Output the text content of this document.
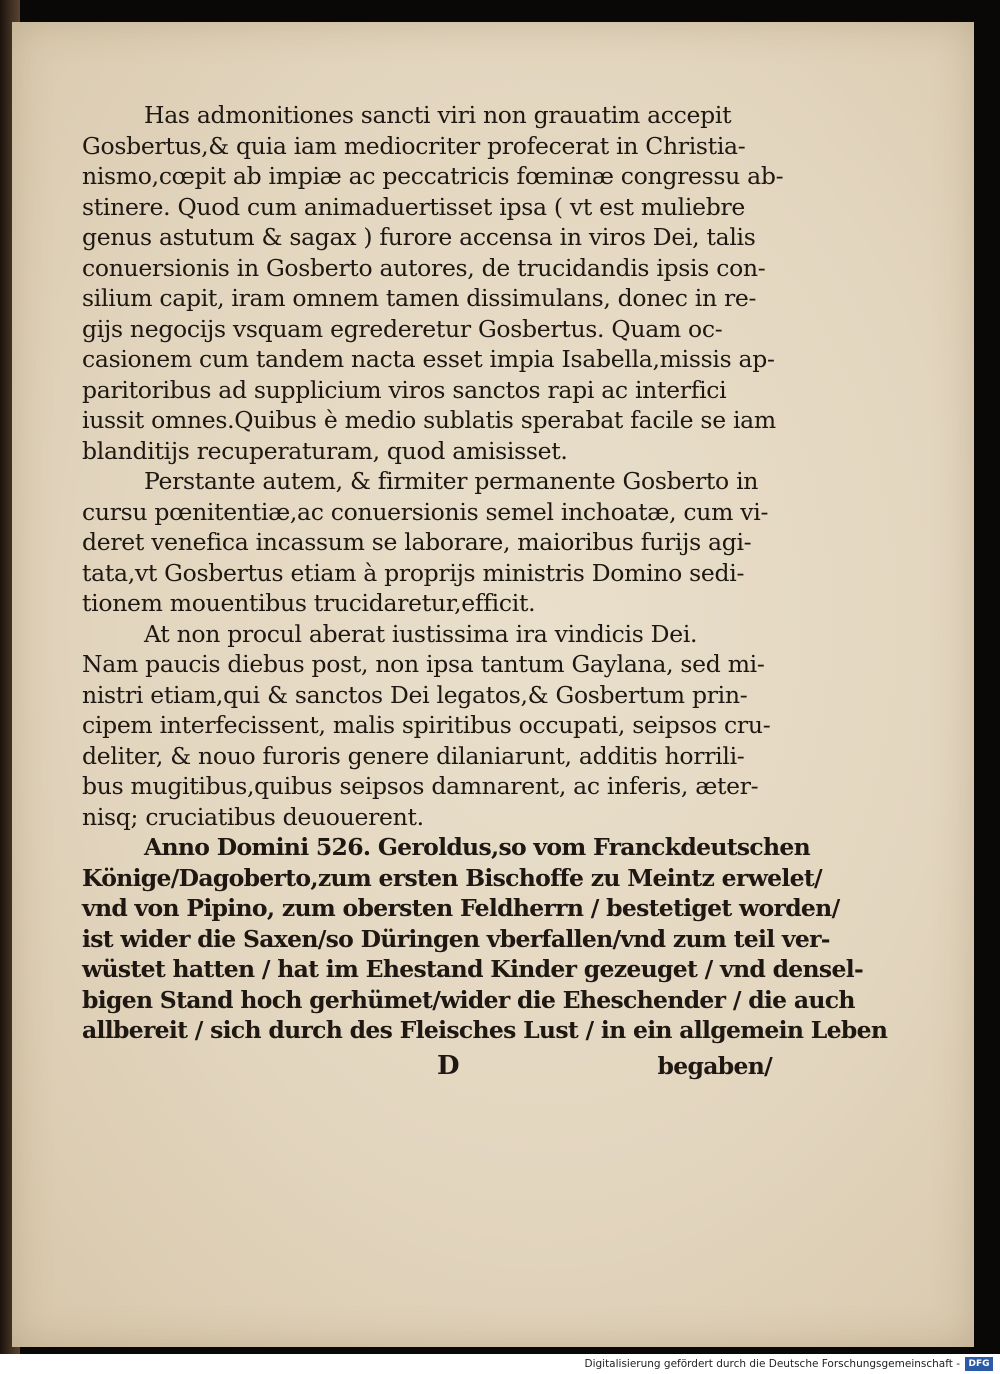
Has admonitiones sancti viri non grauatim accepit
Gosbertus,& quia iam mediocriter profecerat in Christia-
nismo,cœpit ab impiæ ac peccatricis fœminæ congressu ab-
stinere. Quod cum animaduertisset ipsa ( vt est muliebre
genus astutum & sagax ) furore accensa in viros Dei, talis
conuersionis in Gosberto autores, de trucidandis ipsis con-
silium capit, iram omnem tamen dissimulans, donec in re-
gijs negocijs vsquam egrederetur Gosbertus. Quam oc-
casionem cum tandem nacta esset impia Isabella,missis ap-
paritoribus ad supplicium viros sanctos rapi ac interfici
iussit omnes.Quibus è medio sublatis sperabat facile se iam
blanditijs recuperaturam, quod amisisset.
Perstante autem, & firmiter permanente Gosberto in
cursu pœnitentiæ,ac conuersionis semel inchoatæ, cum vi-
deret venefica incassum se laborare, maioribus furijs agi-
tata,vt Gosbertus etiam à proprijs ministris Domino sedi-
tionem mouentibus trucidaretur,efficit.
At non procul aberat iustissima ira vindicis Dei.
Nam paucis diebus post, non ipsa tantum Gaylana, sed mi-
nistri etiam,qui & sanctos Dei legatos,& Gosbertum prin-
cipem interfecissent, malis spiritibus occupati, seipsos cru-
deliter, & nouo furoris genere dilaniarunt, additis horrili-
bus mugitibus,quibus seipsos damnarent, ac inferis, æter-
nisq; cruciatibus deuouerent.
Anno Domini 526. Geroldus,so vom Franckdeutschen
Könige/Dagoberto,zum ersten Bischoffe zu Meintz erwelet/
vnd von Pipino, zum obersten Feldherrn / bestetiget worden/
ist wider die Saxen/so Düringen vberfallen/vnd zum teil ver-
wüstet hatten / hat im Ehestand Kinder gezeuget / vnd densel-
bigen Stand hoch gerhümet/wider die Eheschender / die auch
allbereit / sich durch des Fleisches Lust / in ein allgemein Leben
D	begaben/
Digitalisierung gefördert durch die Deutsche Forschungsgemeinschaft - DFG
